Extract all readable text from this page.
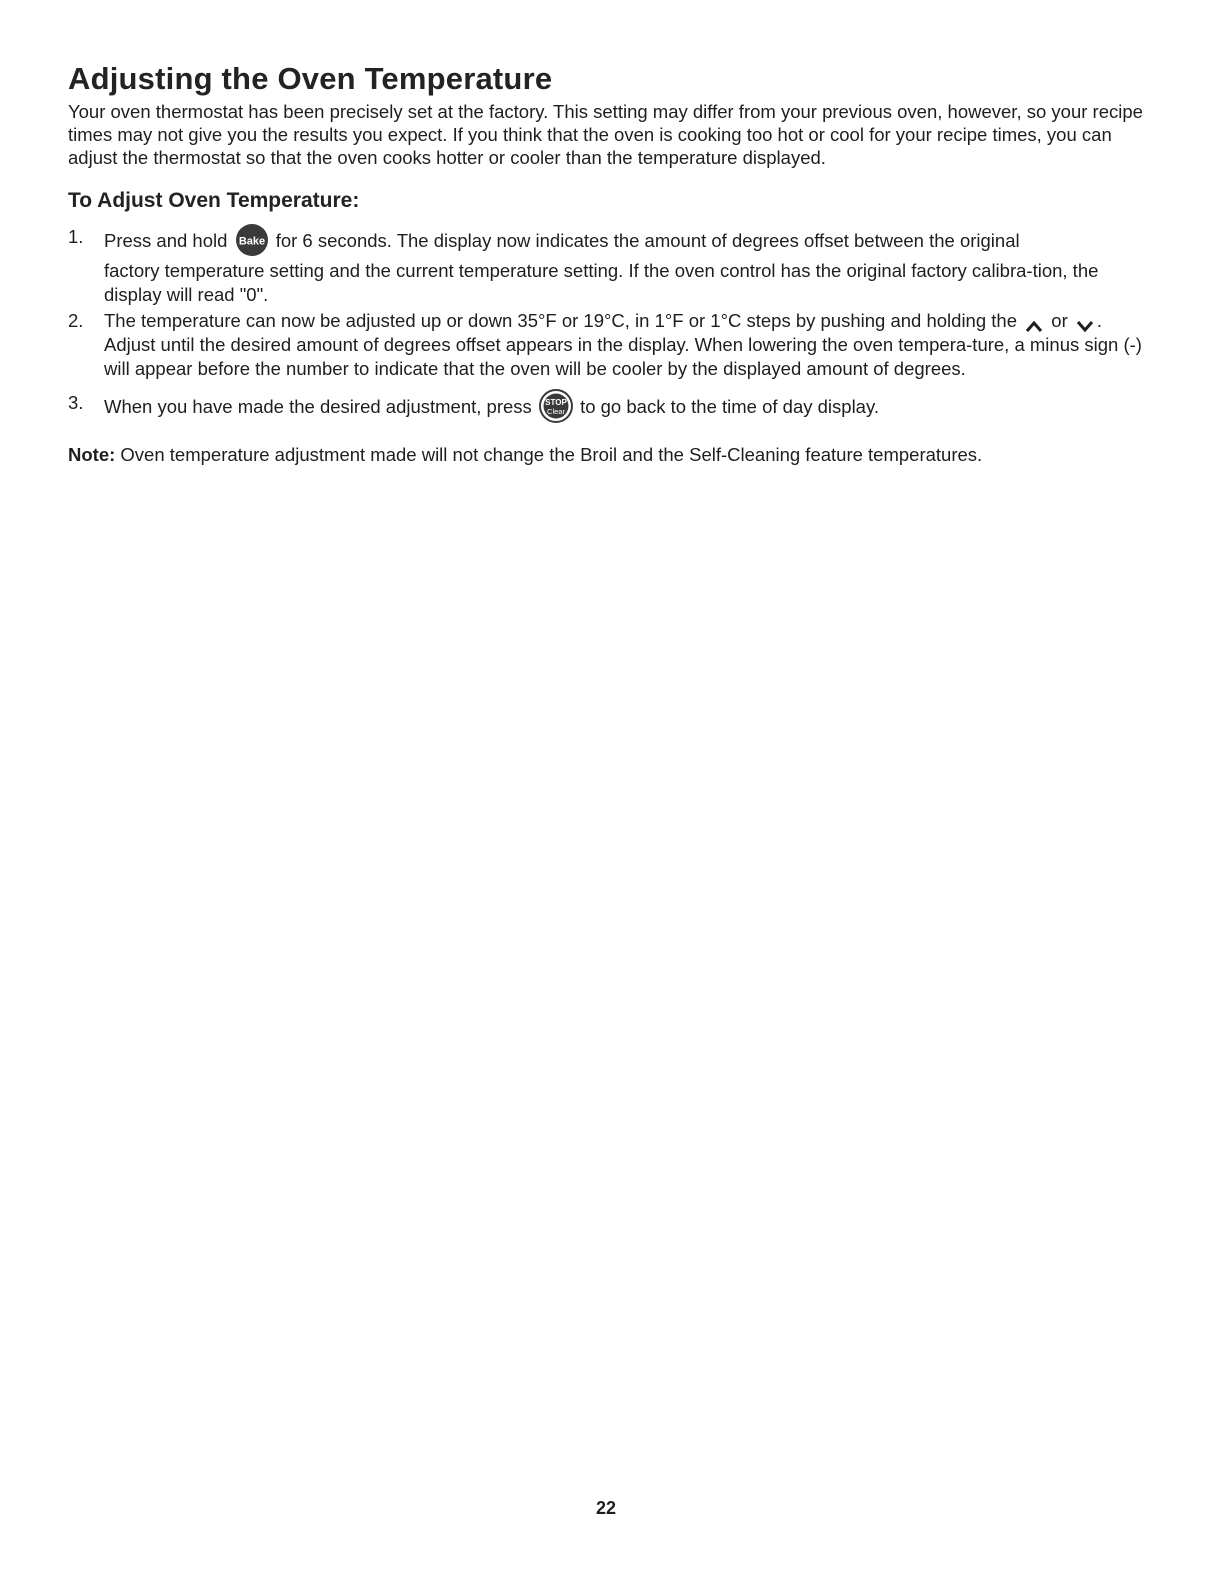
Adjusting the Oven Temperature

Your oven thermostat has been precisely set at the factory. This setting may differ from your previous oven, however, so your recipe times may not give you the results you expect. If you think that the oven is cooking too hot or cool for your recipe times, you can adjust the thermostat so that the oven cooks hotter or cooler than the temperature displayed.

To Adjust Oven Temperature:
1.	Press and hold Bake for 6 seconds. The display now indicates the amount of degrees offset between the original
factory temperature setting and the current temperature setting. If the oven control has the original factory calibra-tion, the display will read "0".
2.	The temperature can now be adjusted up or down 35°F or 19°C, in 1°F or 1°C steps by pushing and holding the or . Adjust until the desired amount of degrees offset appears in the display. When lowering the oven tempera-ture, a minus sign (-) will appear before the number to indicate that the oven will be cooler by the displayed amount of degrees.
3.	When you have made the desired adjustment, press STOP
Clear to go back to the time of day display.

Note: Oven temperature adjustment made will not change the Broil and the Self-Cleaning feature temperatures.

22
